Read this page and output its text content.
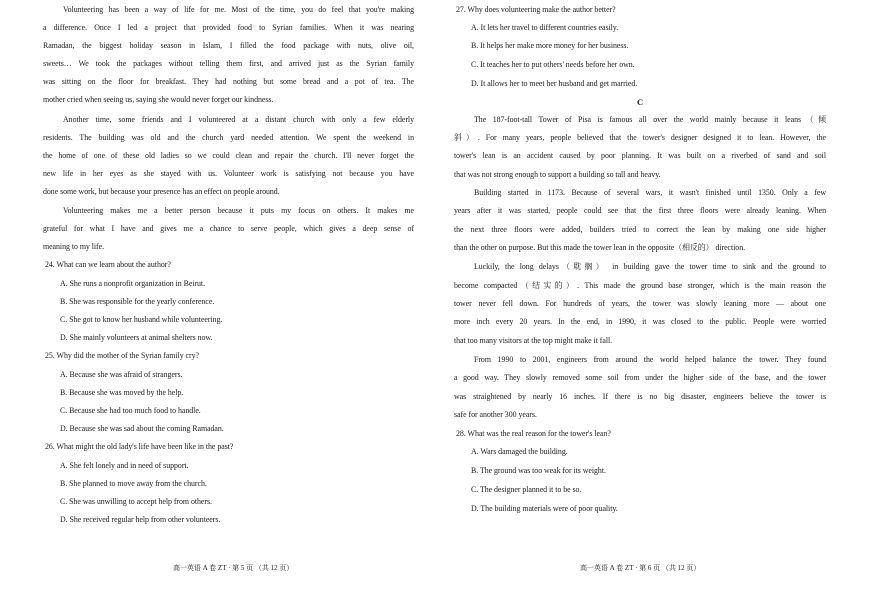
Volunteering has been a way of life for me. Most of the time, you do feel that you're making
a difference. Once I led a project that provided food to Syrian families. When it was nearing
Ramadan, the biggest holiday season in Islam, I filled the food package with nuts, olive oil,
sweets… We took the packages without telling them first, and arrived just as the Syrian family
was sitting on the floor for breakfast. They had nothing but some bread and a pot of tea. The
mother cried when seeing us, saying she would never forget our kindness.
Another time, some friends and I volunteered at a distant church with only a few elderly
residents. The building was old and the church yard needed attention. We spent the weekend in
the home of one of these old ladies so we could clean and repair the church. I'll never forget the
new life in her eyes as she stayed with us. Volunteer work is satisfying not because you have
done some work, but because your presence has an effect on people around.
Volunteering makes me a better person because it puts my focus on others. It makes me
grateful for what I have and gives me a chance to serve people, which gives a deep sense of
meaning to my life.
24. What can we learn about the author?
A. She runs a nonprofit organization in Beirut.
B. She was responsible for the yearly conference.
C. She got to know her husband while volunteering.
D. She mainly volunteers at animal shelters now.
25. Why did the mother of the Syrian family cry?
A. Because she was afraid of strangers.
B. Because she was moved by the help.
C. Because she had too much food to handle.
D. Because she was sad about the coming Ramadan.
26. What might the old lady's life have been like in the past?
A. She felt lonely and in need of support.
B. She planned to move away from the church.
C. She was unwilling to accept help from others.
D. She received regular help from other volunteers.
高一英语 A 卷 ZT · 第 5 页 （共 12 页）
27. Why does volunteering make the author better?
A. It lets her travel to different countries easily.
B. It helps her make more money for her business.
C. It teaches her to put others' needs before her own.
D. It allows her to meet her husband and get married.
C
The 187-foot-tall Tower of Pisa is famous all over the world mainly because it leans（倾
斜）. For many years, people believed that the tower's designer designed it to lean. However, the
tower's lean is an accident caused by poor planning. It was built on a riverbed of sand and soil
that was not strong enough to support a building so tall and heavy.
Building started in 1173. Because of several wars, it wasn't finished until 1350. Only a few
years after it was started, people could see that the first three floors were already leaning. When
the next three floors were added, builders tried to correct the lean by making one side higher
than the other on purpose. But this made the tower lean in the opposite（相反的） direction.
Luckily, the long delays（耽搁） in building gave the tower time to sink and the ground to
become compacted（结实的）. This made the ground base stronger, which is the main reason the
tower never fell down. For hundreds of years, the tower was slowly leaning more — about one
more inch every 20 years. In the end, in 1990, it was closed to the public. People were worried
that too many visitors at the top might make it fall.
From 1990 to 2001, engineers from around the world helped balance the tower. They found
a good way. They slowly removed some soil from under the higher side of the base, and the tower
was straightened by nearly 16 inches. If there is no big disaster, engineers believe the tower is
safe for another 300 years.
28. What was the real reason for the tower's lean?
A. Wars damaged the building.
B. The ground was too weak for its weight.
C. The designer planned it to be so.
D. The building materials were of poor quality.
高一英语 A 卷 ZT · 第 6 页 （共 12 页）
